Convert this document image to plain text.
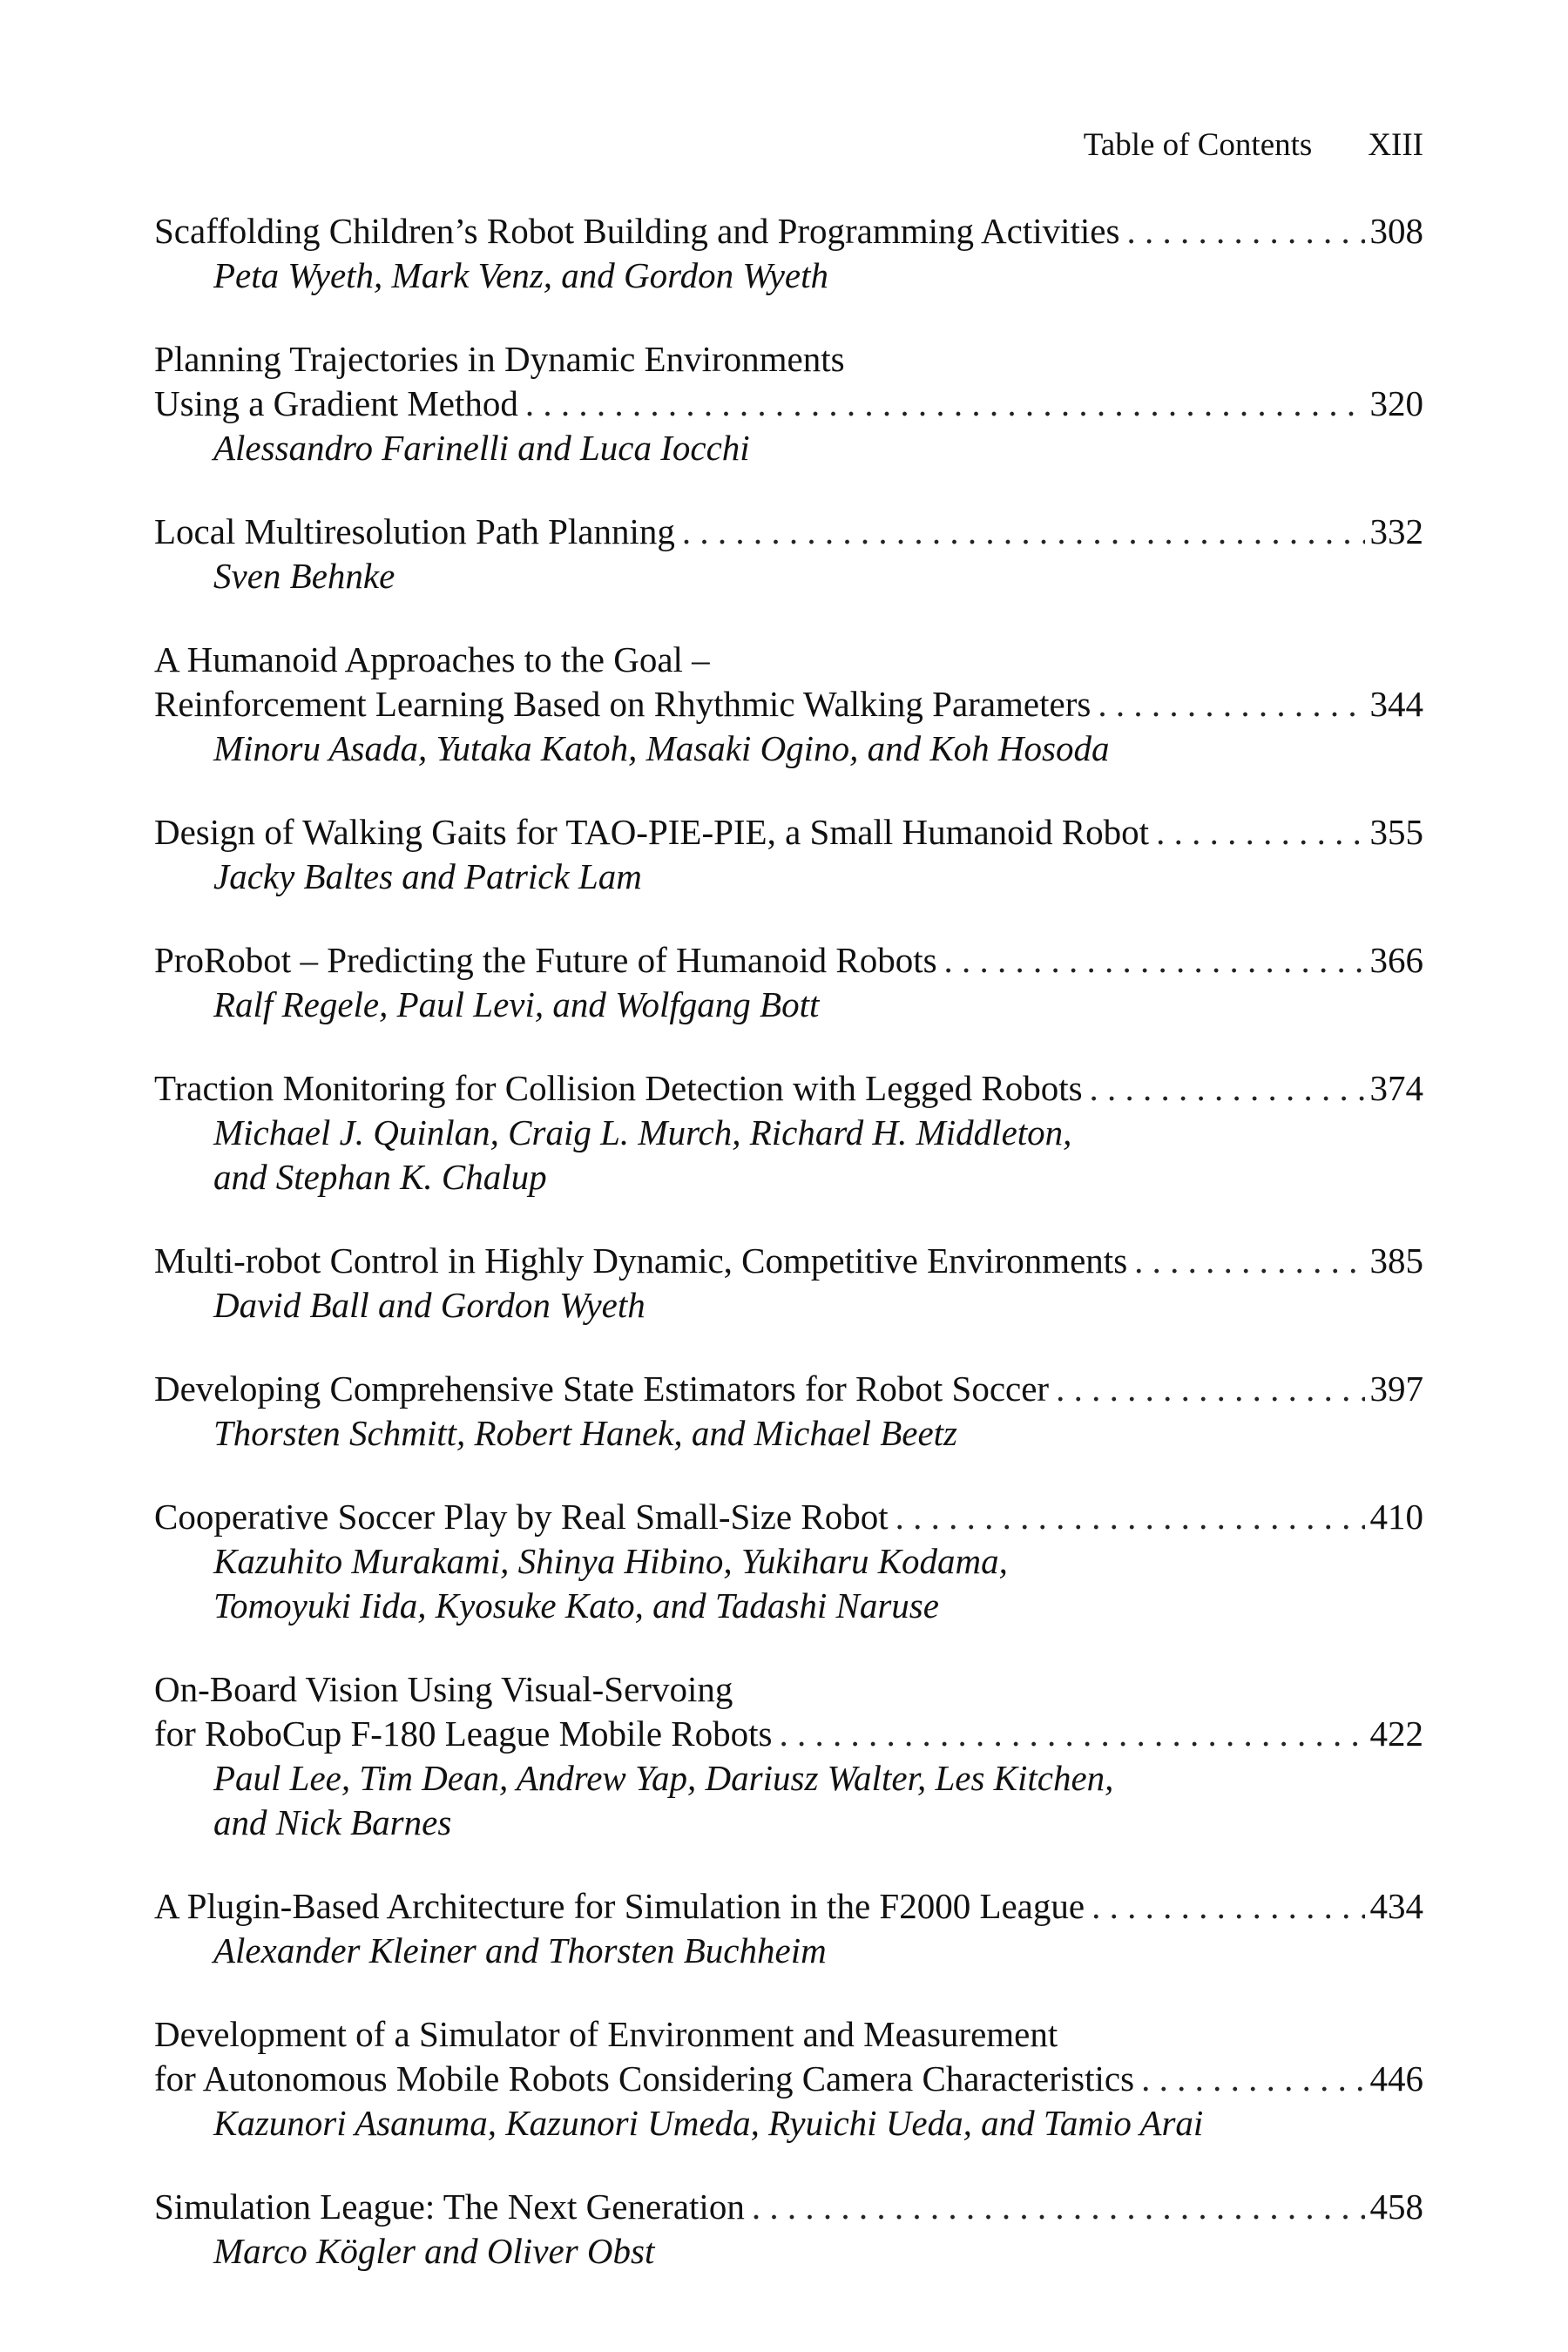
Table of Contents XIII
Scaffolding Children’s Robot Building and Programming Activities . . .	308
Peta Wyeth, Mark Venz, and Gordon Wyeth
Planning Trajectories in Dynamic Environments
Using a Gradient Method . . .	320
Alessandro Farinelli and Luca Iocchi
Local Multiresolution Path Planning . . .	332
Sven Behnke
A Humanoid Approaches to the Goal –
Reinforcement Learning Based on Rhythmic Walking Parameters . . .	344
Minoru Asada, Yutaka Katoh, Masaki Ogino, and Koh Hosoda
Design of Walking Gaits for TAO-PIE-PIE, a Small Humanoid Robot . . .	355
Jacky Baltes and Patrick Lam
ProRobot – Predicting the Future of Humanoid Robots . . .	366
Ralf Regele, Paul Levi, and Wolfgang Bott
Traction Monitoring for Collision Detection with Legged Robots . . .	374
Michael J. Quinlan, Craig L. Murch, Richard H. Middleton,
and Stephan K. Chalup
Multi-robot Control in Highly Dynamic, Competitive Environments . . .	385
David Ball and Gordon Wyeth
Developing Comprehensive State Estimators for Robot Soccer . . .	397
Thorsten Schmitt, Robert Hanek, and Michael Beetz
Cooperative Soccer Play by Real Small-Size Robot . . .	410
Kazuhito Murakami, Shinya Hibino, Yukiharu Kodama,
Tomoyuki Iida, Kyosuke Kato, and Tadashi Naruse
On-Board Vision Using Visual-Servoing
for RoboCup F-180 League Mobile Robots . . .	422
Paul Lee, Tim Dean, Andrew Yap, Dariusz Walter, Les Kitchen,
and Nick Barnes
A Plugin-Based Architecture for Simulation in the F2000 League . . .	434
Alexander Kleiner and Thorsten Buchheim
Development of a Simulator of Environment and Measurement
for Autonomous Mobile Robots Considering Camera Characteristics . . .	446
Kazunori Asanuma, Kazunori Umeda, Ryuichi Ueda, and Tamio Arai
Simulation League: The Next Generation . . .	458
Marco Kögler and Oliver Obst
